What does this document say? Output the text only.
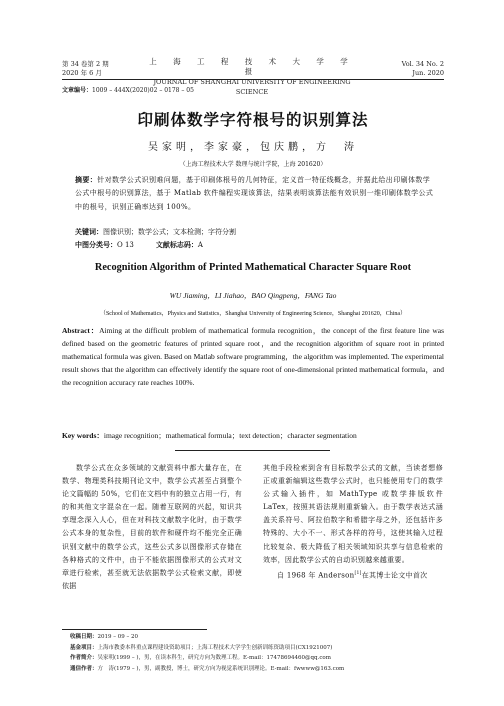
第 34 卷第 2 期
2020 年 6 月
上 海 工 程 技 术 大 学 学 报
JOURNAL OF SHANGHAI UNIVERSITY OF ENGINEERING SCIENCE
Vol. 34 No. 2
Jun. 2020
文章编号：1009 – 444X(2020)02 – 0178 – 05
印刷体数学字符根号的识别算法
吴家明，李家豪，包庆鹏，方　涛
（上海工程技术大学 数理与统计学院，上海 201620）
摘要：针对数学公式识别难问题，基于印刷体根号的几何特征，定义首一特征线概念，并据此给出印刷体数学公式中根号的识别算法，基于 Matlab 软件编程实现该算法，结果表明该算法能有效识别一维印刷体数学公式中的根号，识别正确率达到 100%。
关键词：图像识别；数学公式；文本检测；字符分割
中图分类号：O 13	文献标志码：A
Recognition Algorithm of Printed Mathematical Character Square Root
WU Jiaming，LI Jiahao，BAO Qingpeng，FANG Tao
（School of Mathematics，Physics and Statistics，Shanghai University of Engineering Science，Shanghai 201620，China）
Abstract：Aiming at the difficult problem of mathematical formula recognition，the concept of the first feature line was defined based on the geometric features of printed square root，and the recognition algorithm of square root in printed mathematical formula was given. Based on Matlab software programming，the algorithm was implemented. The experimental result shows that the algorithm can effectively identify the square root of one-dimensional printed mathematical formula，and the recognition accuracy rate reaches 100%.
Key words：image recognition；mathematical formula；text detection；character segmentation

数学公式在众多领域的文献资料中都大量存在，在数学、物理类科技期刊论文中，数学公式甚至占到整个论文篇幅的 50%，它们在文档中有的独立占用一行，有的和其他文字混杂在一起。随着互联网的兴起，知识共享理念深入人心，但在对科技文献数字化时，由于数学公式本身的复杂性，目前的软件和硬件均不能完全正确识别文献中的数学公式，这些公式多以图像形式存储在各种格式的文件中，由于不能依据图像形式的公式对文章进行检索，甚至就无法依据数学公式检索文献，即使依据

其他手段检索到含有目标数学公式的文献，当读者想修正或重新编辑这些数学公式时，也只能使用专门的数学公式输入插件，如 MathType 或数学排版软件 LaTex，按照其语法规则重新输入。由于数学表达式涵盖关系符号、阿拉伯数字和希腊字母之外，还包括许多特殊的、大小不一、形式各样的符号，这使其输入过程比较复杂、极大降低了相关领域知识共享与信息检索的效率，因此数学公式的自动识别越来越重要。

自 1968 年 Anderson[1]在其博士论文中首次

收稿日期：2019 – 09 – 20
基金项目：上海市教委本科重点课程建设资助项目；上海工程技术大学学生创新训练资助项目(CX1921007)
作者简介：吴家明(1999 – )，男，在读本科生，研究方向为数理工程。E-mail：17478694460@qq.com
通信作者：方　涛(1979 – )，男，副教授，博士，研究方向为视觉系统识别理论。E-mail：fwwww@163.com
